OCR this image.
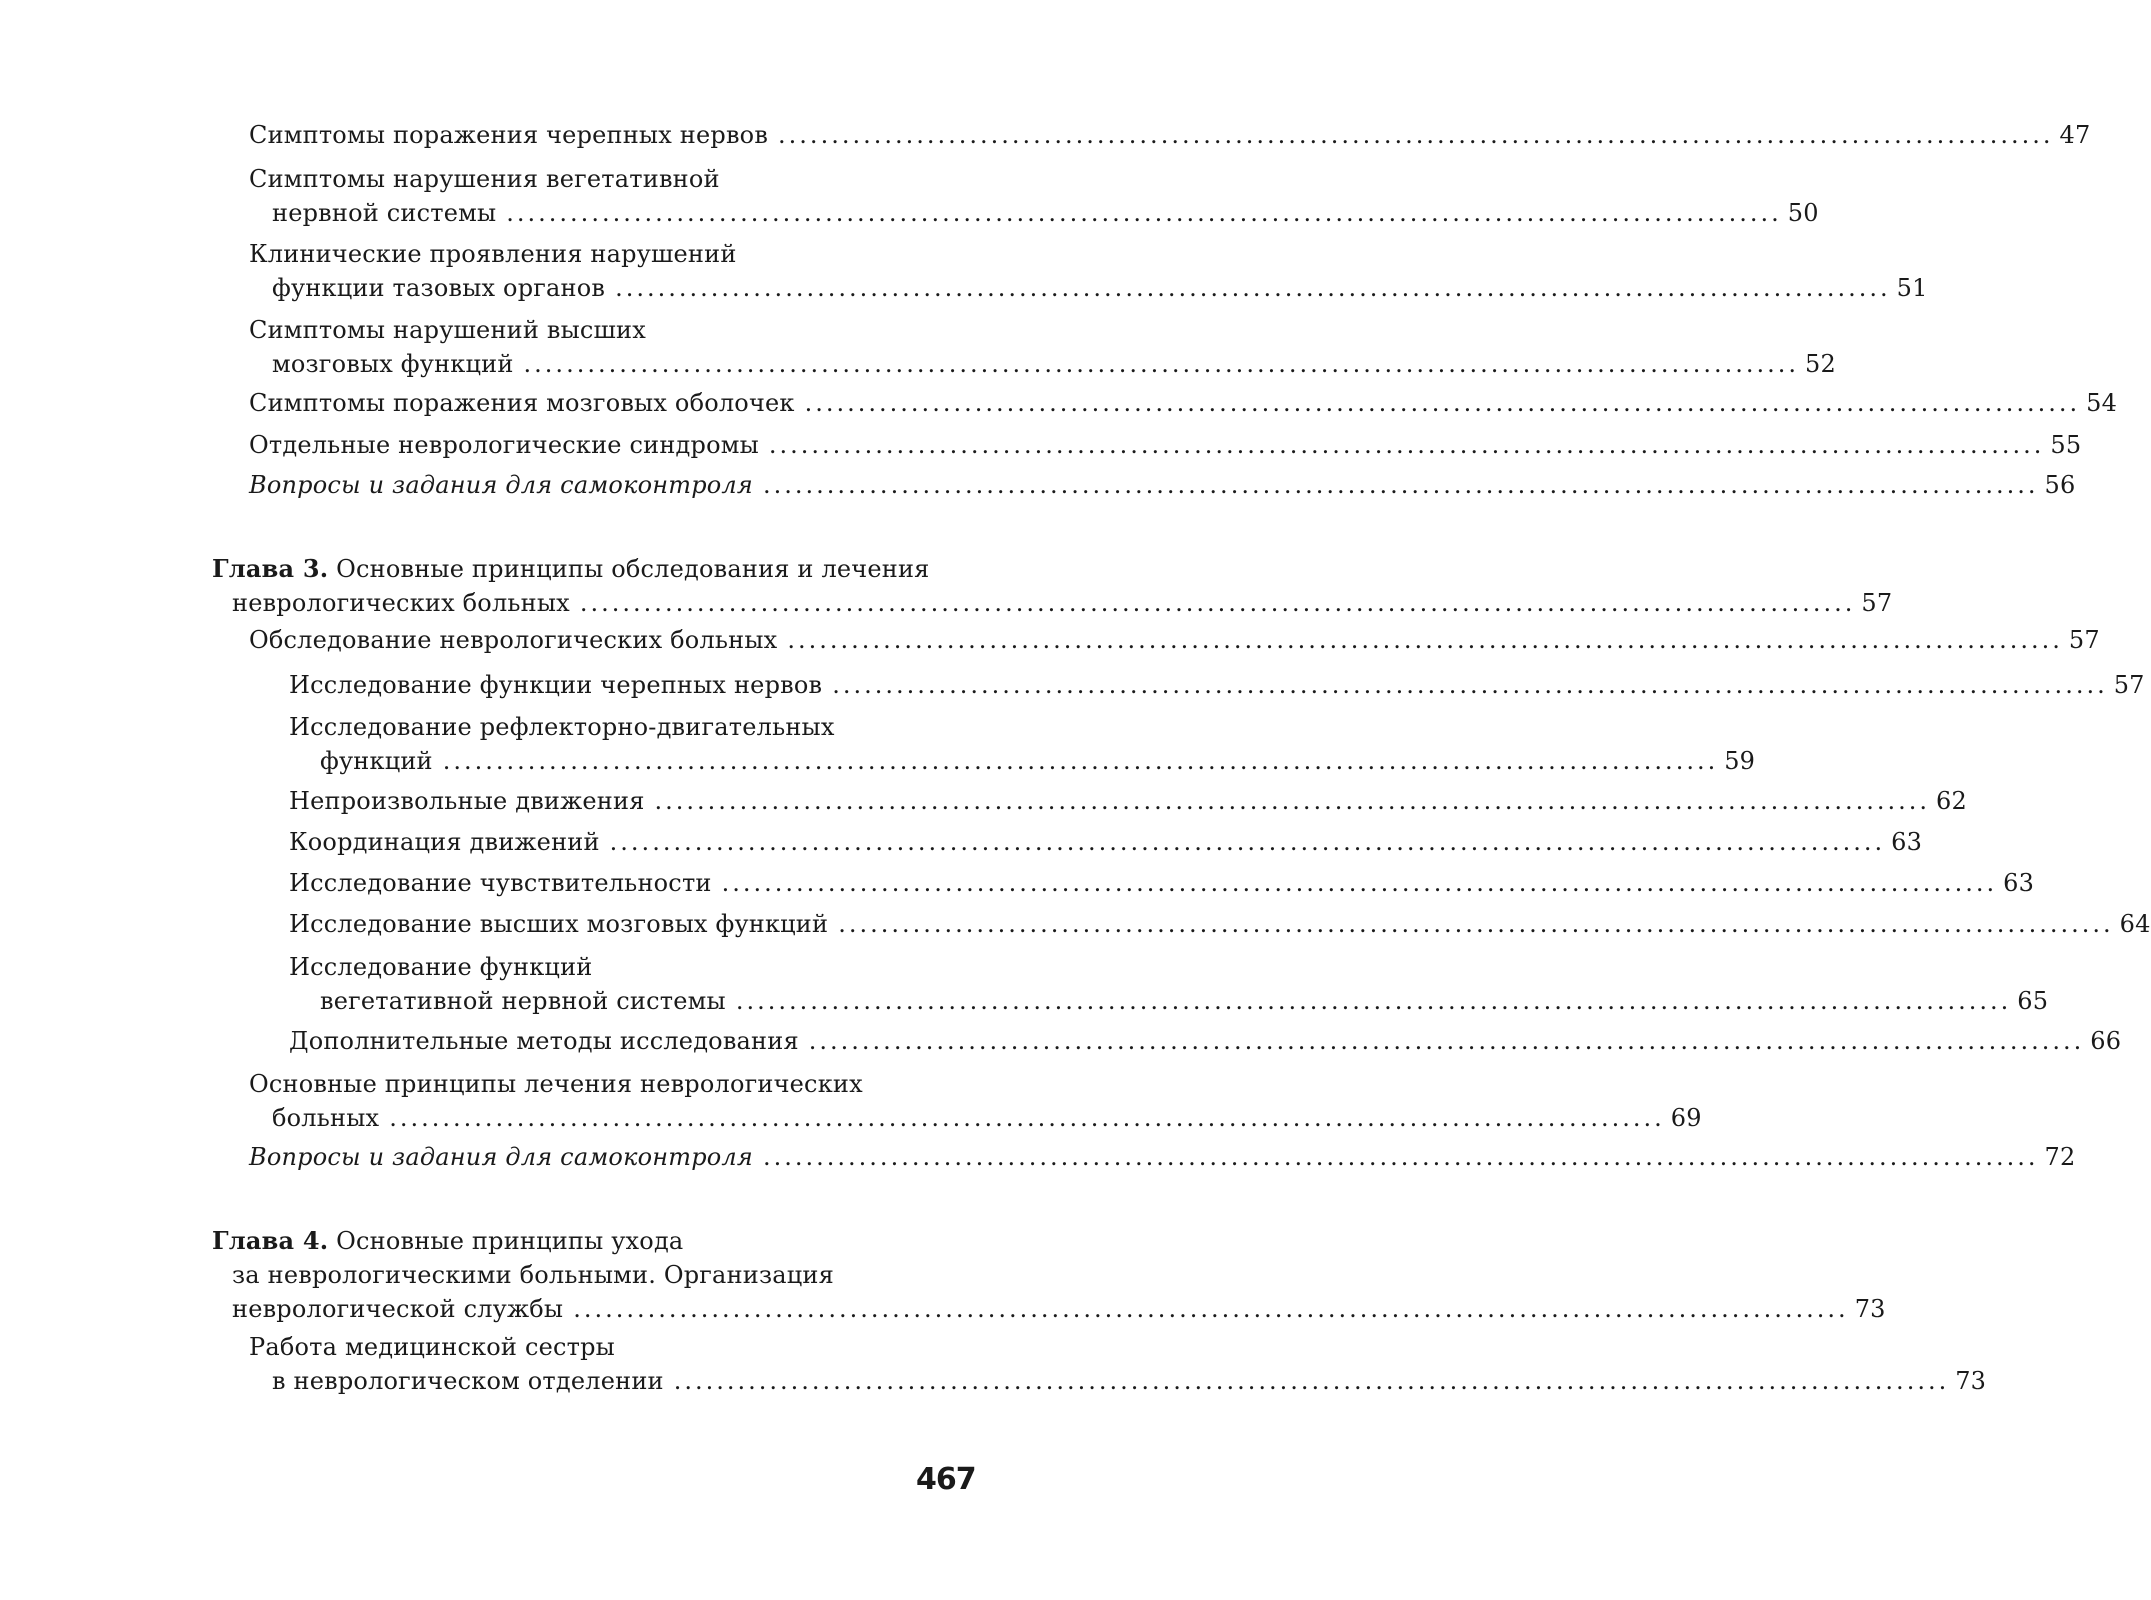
Симптомы поражения черепных нервов ........................................................................................................................ 47
Симптомы нарушения вегетативной
нервной системы ........................................................................................................................ 50
Клинические проявления нарушений
функции тазовых органов ........................................................................................................................ 51
Симптомы нарушений высших
мозговых функций ........................................................................................................................ 52
Симптомы поражения мозговых оболочек ........................................................................................................................ 54
Отдельные неврологические синдромы ........................................................................................................................ 55
Вопросы и задания для самоконтроля ........................................................................................................................ 56
Глава 3. Основные принципы обследования и лечения
неврологических больных ........................................................................................................................ 57
Обследование неврологических больных ........................................................................................................................ 57
Исследование функции черепных нервов ........................................................................................................................ 57
Исследование рефлекторно-двигательных
функций ........................................................................................................................ 59
Непроизвольные движения ........................................................................................................................ 62
Координация движений ........................................................................................................................ 63
Исследование чувствительности ........................................................................................................................ 63
Исследование высших мозговых функций ........................................................................................................................ 64
Исследование функций
вегетативной нервной системы ........................................................................................................................ 65
Дополнительные методы исследования ........................................................................................................................ 66
Основные принципы лечения неврологических
больных ........................................................................................................................ 69
Вопросы и задания для самоконтроля ........................................................................................................................ 72
Глава 4. Основные принципы ухода
за неврологическими больными. Организация
неврологической службы ........................................................................................................................ 73
Работа медицинской сестры
в неврологическом отделении ........................................................................................................................ 73
467
